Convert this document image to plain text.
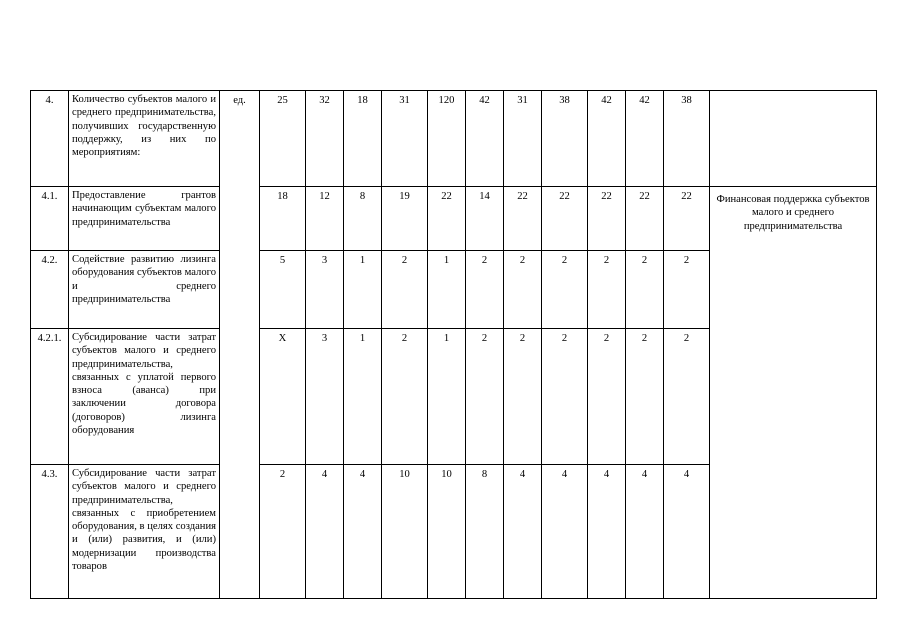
4.	Количество субъектов малого и среднего предпринимательства, получивших государственную поддержку, из них по мероприятиям:	ед.	25	32	18	31	120	42	31	38	42	42	38	
4.1.	Предоставление грантов начинающим субъектам малого предпринимательства		18	12	8	19	22	14	22	22	22	22	22	Финансовая поддержка субъектов малого и среднего предпринимательства
4.2.	Содействие развитию лизинга оборудования субъектов малого и среднего предпринимательства		5	3	1	2	1	2	2	2	2	2	2	
4.2.1.	Субсидирование части затрат субъектов малого и среднего предпринимательства, связанных с уплатой первого взноса (аванса) при заключении договора (договоров) лизинга оборудования		X	3	1	2	1	2	2	2	2	2	2	
4.3.	Субсидирование части затрат субъектов малого и среднего предпринимательства, связанных с приобретением оборудования, в целях создания и (или) развития, и (или) модернизации производства товаров		2	4	4	10	10	8	4	4	4	4	4	
